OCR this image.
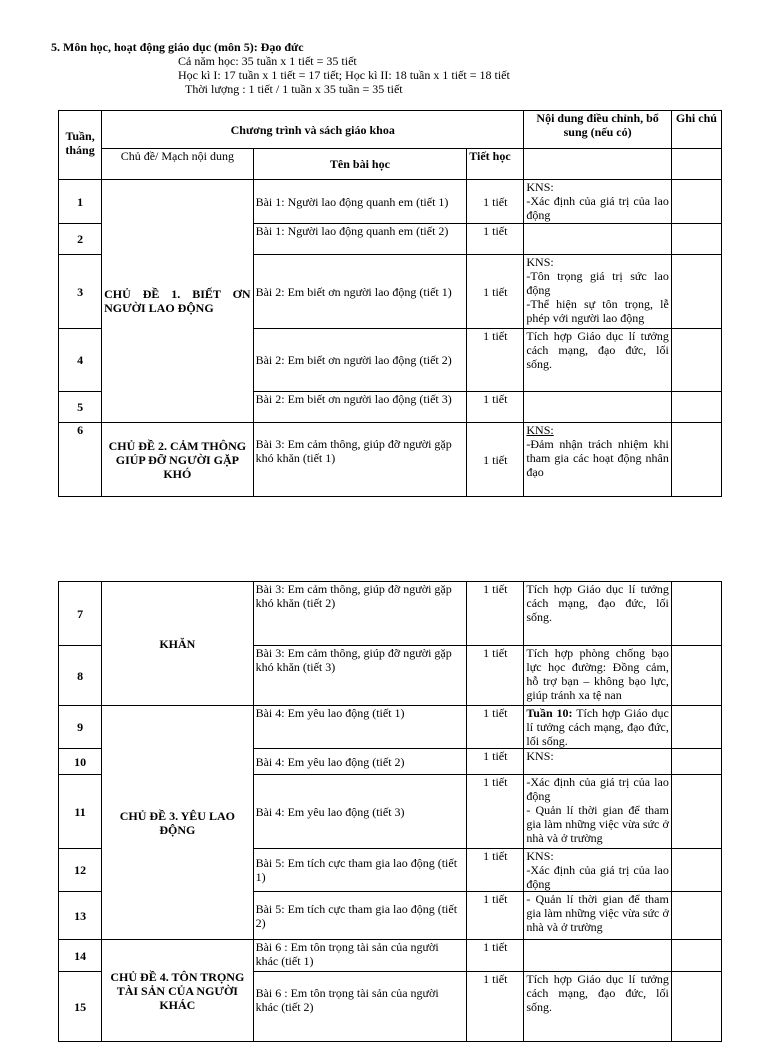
5. Môn học, hoạt động giáo dục (môn 5): Đạo đức
Cả năm học: 35 tuần x 1 tiết = 35 tiết
Học kì I: 17 tuần x 1 tiết = 17 tiết; Học kì II: 18 tuần x 1 tiết = 18 tiết
Thời lượng : 1 tiết / 1 tuần x 35 tuần = 35 tiết
Tuần, tháng	Chương trình và sách giáo khoa			Nội dung điều chỉnh, bổ sung (nếu có)	Ghi chú
	Chủ đề/ Mạch nội dung	Tên bài học	Tiết học		
1	CHỦ ĐỀ 1. BIẾT ƠN NGƯỜI LAO ĐỘNG	Bài 1: Người lao động quanh em (tiết 1)	1 tiết	KNS:
-Xác định của giá trị của lao động	

2		Bài 1: Người lao động quanh em (tiết 2)	1 tiết		
3		Bài 2: Em biết ơn người lao động (tiết 1)	1 tiết	KNS:
-Tôn trọng giá trị sức lao động
-Thể hiện sự tôn trọng, lễ phép với người lao động	

4		Bài 2: Em biết ơn người lao động (tiết 2)	1 tiết	Tích hợp Giáo dục lí tưởng cách mạng, đạo đức, lối sống.	

5		Bài 2: Em biết ơn người lao động (tiết 3)	1 tiết		
6	CHỦ ĐỀ 2. CẢM THÔNG GIÚP ĐỠ NGƯỜI GẶP KHÓ	Bài 3: Em cảm thông, giúp đỡ người gặp khó khăn (tiết 1)	1 tiết	KNS:
-Đảm nhận trách nhiệm khi tham gia các hoạt động nhân đạo	

7	KHĂN	Bài 3: Em cảm thông, giúp đỡ người gặp khó khăn (tiết 2)	1 tiết	Tích hợp Giáo dục lí tưởng cách mạng, đạo đức, lối sống.	

8		Bài 3: Em cảm thông, giúp đỡ người gặp khó khăn (tiết 3)	1 tiết	Tích hợp phòng chống bạo lực học đường: Đồng cảm, hỗ trợ bạn – không bạo lực, giúp tránh xa tệ nan	

9	CHỦ ĐỀ 3. YÊU LAO ĐỘNG	Bài 4: Em yêu lao động (tiết 1)	1 tiết	Tuần 10: Tích hợp Giáo dục lí tưởng cách mạng, đạo đức, lối sống.	
10		Bài 4: Em yêu lao động (tiết 2)	1 tiết	KNS:	

11		Bài 4: Em yêu lao động (tiết 3)	1 tiết	-Xác định của giá trị của lao động
- Quản lí thời gian để tham gia làm những việc vừa sức ở nhà và ở trường	

12		Bài 5: Em tích cực tham gia lao động (tiết 1)	1 tiết	KNS:
-Xác định của giá trị của lao động	

13		Bài 5: Em tích cực tham gia lao động (tiết 2)	1 tiết	- Quản lí thời gian để tham gia làm những việc vừa sức ở nhà và ở trường	

14	CHỦ ĐỀ 4. TÔN TRỌNG TÀI SẢN CỦA NGƯỜI KHÁC	Bài 6 : Em tôn trọng tài sản của người khác (tiết 1)	1 tiết		
15		Bài 6 : Em tôn trọng tài sản của người khác (tiết 2)	1 tiết	Tích hợp Giáo dục lí tưởng cách mạng, đạo đức, lối sống.	
